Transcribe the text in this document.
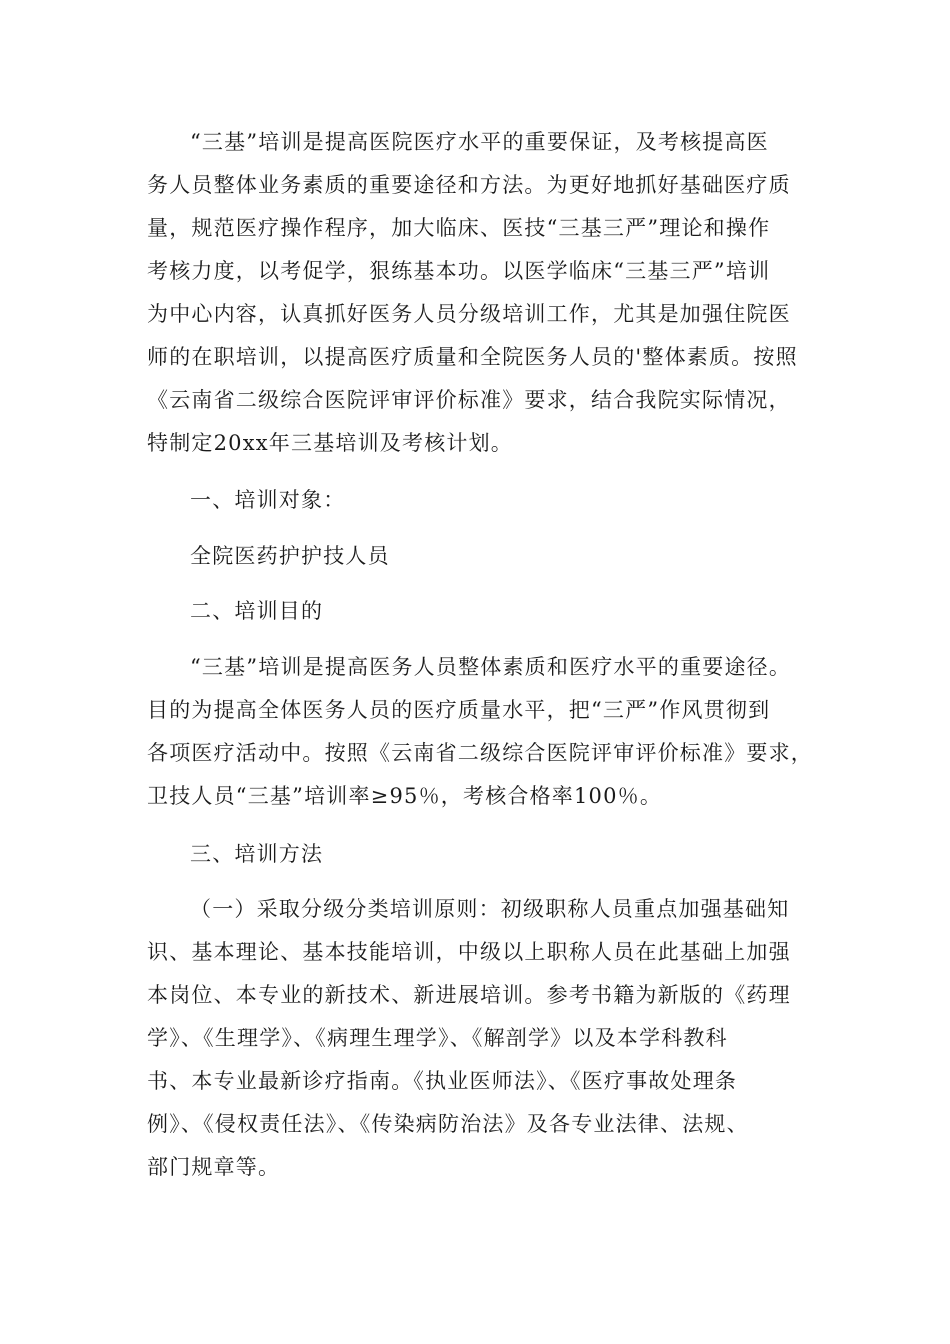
“三基”培训是提高医院医疗水平的重要保证，及考核提高医
务人员整体业务素质的重要途径和方法。为更好地抓好基础医疗质
量，规范医疗操作程序，加大临床、医技“三基三严”理论和操作
考核力度，以考促学，狠练基本功。以医学临床“三基三严”培训
为中心内容，认真抓好医务人员分级培训工作，尤其是加强住院医
师的在职培训，以提高医疗质量和全院医务人员的'整体素质。按照
《云南省二级综合医院评审评价标准》要求，结合我院实际情况，
特制定20xx年三基培训及考核计划。
一、培训对象：
全院医药护护技人员
二、培训目的
“三基”培训是提高医务人员整体素质和医疗水平的重要途径。
目的为提高全体医务人员的医疗质量水平，把“三严”作风贯彻到
各项医疗活动中。按照《云南省二级综合医院评审评价标准》要求，
卫技人员“三基”培训率≥95％，考核合格率100％。
三、培训方法
（一）采取分级分类培训原则：初级职称人员重点加强基础知
识、基本理论、基本技能培训，中级以上职称人员在此基础上加强
本岗位、本专业的新技术、新进展培训。参考书籍为新版的《药理
学》、《生理学》、《病理生理学》、《解剖学》以及本学科教科
书、本专业最新诊疗指南。《执业医师法》、《医疗事故处理条
例》、《侵权责任法》、《传染病防治法》及各专业法律、法规、
部门规章等。
